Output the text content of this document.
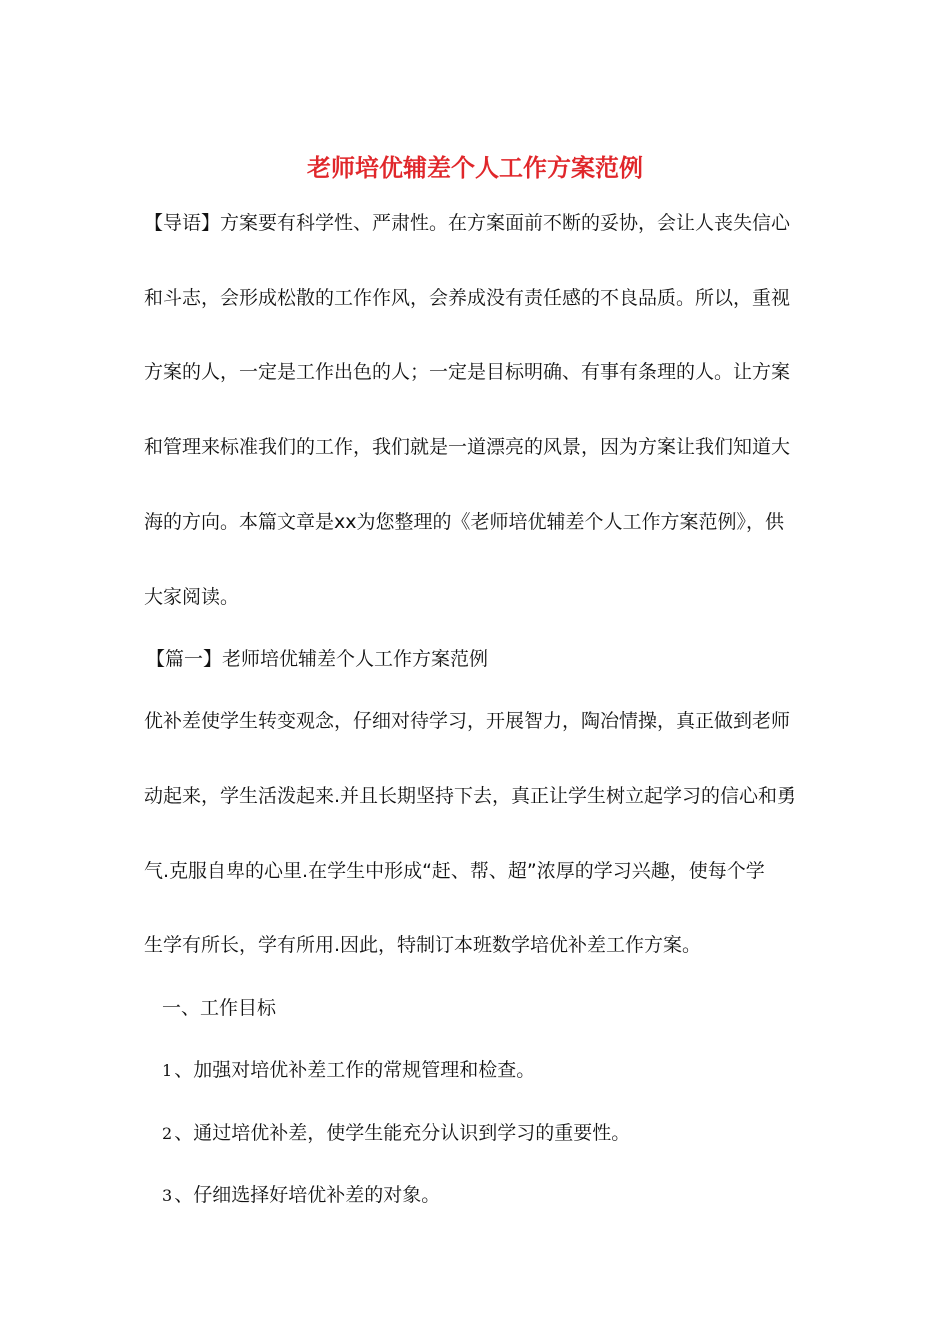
老师培优辅差个人工作方案范例

【导语】方案要有科学性、严肃性。在方案面前不断的妥协，会让人丧失信心

和斗志，会形成松散的工作作风，会养成没有责任感的不良品质。所以，重视

方案的人，一定是工作出色的人；一定是目标明确、有事有条理的人。让方案

和管理来标准我们的工作，我们就是一道漂亮的风景，因为方案让我们知道大

海的方向。本篇文章是xx为您整理的《老师培优辅差个人工作方案范例》，供

大家阅读。

【篇一】老师培优辅差个人工作方案范例

优补差使学生转变观念，仔细对待学习，开展智力，陶冶情操，真正做到老师

动起来，学生活泼起来.并且长期坚持下去，真正让学生树立起学习的信心和勇

气.克服自卑的心里.在学生中形成“赶、帮、超”浓厚的学习兴趣，使每个学

生学有所长，学有所用.因此，特制订本班数学培优补差工作方案。

一、工作目标

1 、加强对培优补差工作的常规管理和检查。

2 、通过培优补差，使学生能充分认识到学习的重要性。

3 、仔细选择好培优补差的对象。
